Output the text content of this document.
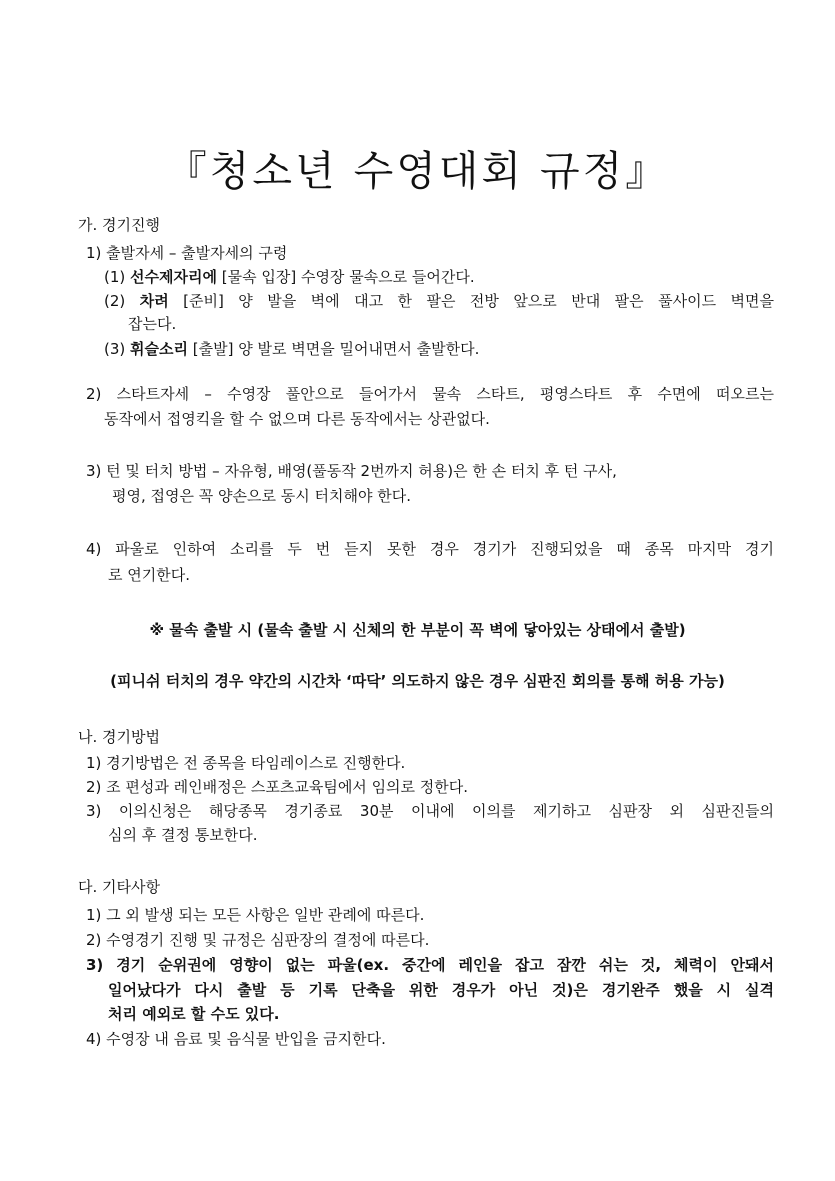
『청소년 수영대회 규정』
가. 경기진행
1) 출발자세 – 출발자세의 구령
(1) 선수제자리에 [물속 입장] 수영장 물속으로 들어간다.
(2) 차려 [준비] 양 발을 벽에 대고 한 팔은 전방 앞으로 반대 팔은 풀사이드 벽면을
잡는다.
(3) 휘슬소리 [출발] 양 발로 벽면을 밀어내면서 출발한다.
2) 스타트자세 – 수영장 풀안으로 들어가서 물속 스타트, 평영스타트 후 수면에 떠오르는
동작에서 접영킥을 할 수 없으며 다른 동작에서는 상관없다.
3) 턴 및 터치 방법 – 자유형, 배영(풀동작 2번까지 허용)은 한 손 터치 후 턴 구사,
평영, 접영은 꼭 양손으로 동시 터치해야 한다.
4) 파울로 인하여 소리를 두 번 듣지 못한 경우 경기가 진행되었을 때 종목 마지막 경기
로 연기한다.
※ 물속 출발 시 (물속 출발 시 신체의 한 부분이 꼭 벽에 닿아있는 상태에서 출발)
(피니쉬 터치의 경우 약간의 시간차 ‘따닥’ 의도하지 않은 경우 심판진 회의를 통해 허용 가능)
나. 경기방법
1) 경기방법은 전 종목을 타임레이스로 진행한다.
2) 조 편성과 레인배정은 스포츠교육팀에서 임의로 정한다.
3) 이의신청은 해당종목 경기종료 30분 이내에 이의를 제기하고 심판장 외 심판진들의
심의 후 결정 통보한다.
다. 기타사항
1) 그 외 발생 되는 모든 사항은 일반 관례에 따른다.
2) 수영경기 진행 및 규정은 심판장의 결정에 따른다.
3) 경기 순위권에 영향이 없는 파울(ex. 중간에 레인을 잡고 잠깐 쉬는 것, 체력이 안돼서
일어났다가 다시 출발 등 기록 단축을 위한 경우가 아닌 것)은 경기완주 했을 시 실격
처리 예외로 할 수도 있다.
4) 수영장 내 음료 및 음식물 반입을 금지한다.
